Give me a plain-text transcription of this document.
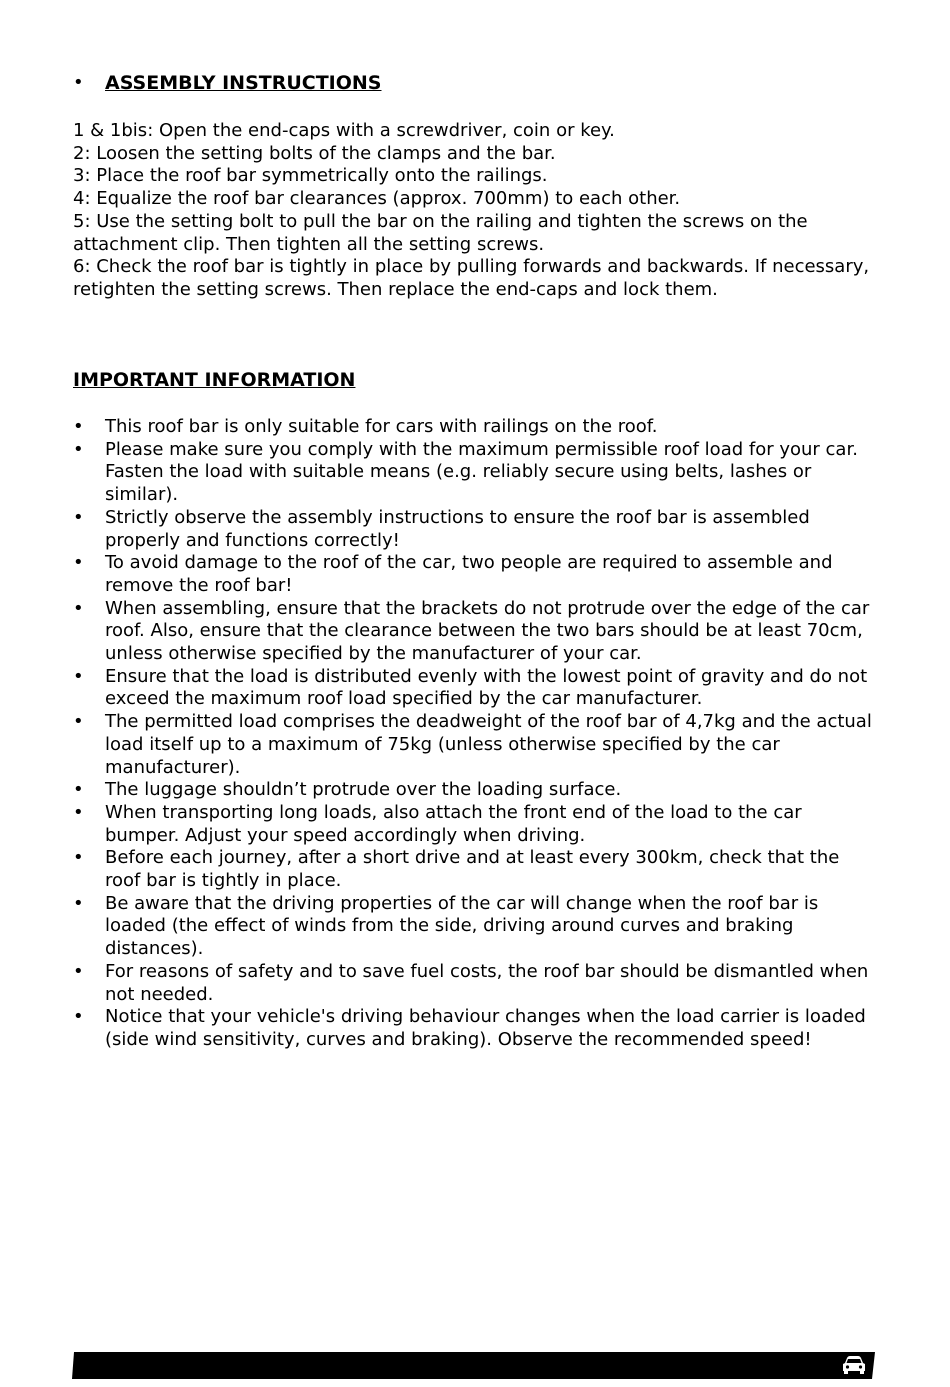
• ASSEMBLY INSTRUCTIONS
1 & 1bis: Open the end-caps with a screwdriver, coin or key.
2: Loosen the setting bolts of the clamps and the bar.
3: Place the roof bar symmetrically onto the railings.
4: Equalize the roof bar clearances (approx. 700mm) to each other.
5: Use the setting bolt to pull the bar on the railing and tighten the screws on the attachment clip. Then tighten all the setting screws.
6: Check the roof bar is tightly in place by pulling forwards and backwards. If necessary, retighten the setting screws. Then replace the end-caps and lock them.
IMPORTANT INFORMATION
• This roof bar is only suitable for cars with railings on the roof.
• Please make sure you comply with the maximum permissible roof load for your car. Fasten the load with suitable means (e.g. reliably secure using belts, lashes or similar).
• Strictly observe the assembly instructions to ensure the roof bar is assembled properly and functions correctly!
• To avoid damage to the roof of the car, two people are required to assemble and remove the roof bar!
• When assembling, ensure that the brackets do not protrude over the edge of the car roof. Also, ensure that the clearance between the two bars should be at least 70cm, unless otherwise specified by the manufacturer of your car.
• Ensure that the load is distributed evenly with the lowest point of gravity and do not exceed the maximum roof load specified by the car manufacturer.
• The permitted load comprises the deadweight of the roof bar of 4,7kg and the actual load itself up to a maximum of 75kg (unless otherwise specified by the car manufacturer).
• The luggage shouldn’t protrude over the loading surface.
• When transporting long loads, also attach the front end of the load to the car bumper. Adjust your speed accordingly when driving.
• Before each journey, after a short drive and at least every 300km, check that the roof bar is tightly in place.
• Be aware that the driving properties of the car will change when the roof bar is loaded (the effect of winds from the side, driving around curves and braking distances).
• For reasons of safety and to save fuel costs, the roof bar should be dismantled when not needed.
• Notice that your vehicle's driving behaviour changes when the load carrier is loaded (side wind sensitivity, curves and braking). Observe the recommended speed!
